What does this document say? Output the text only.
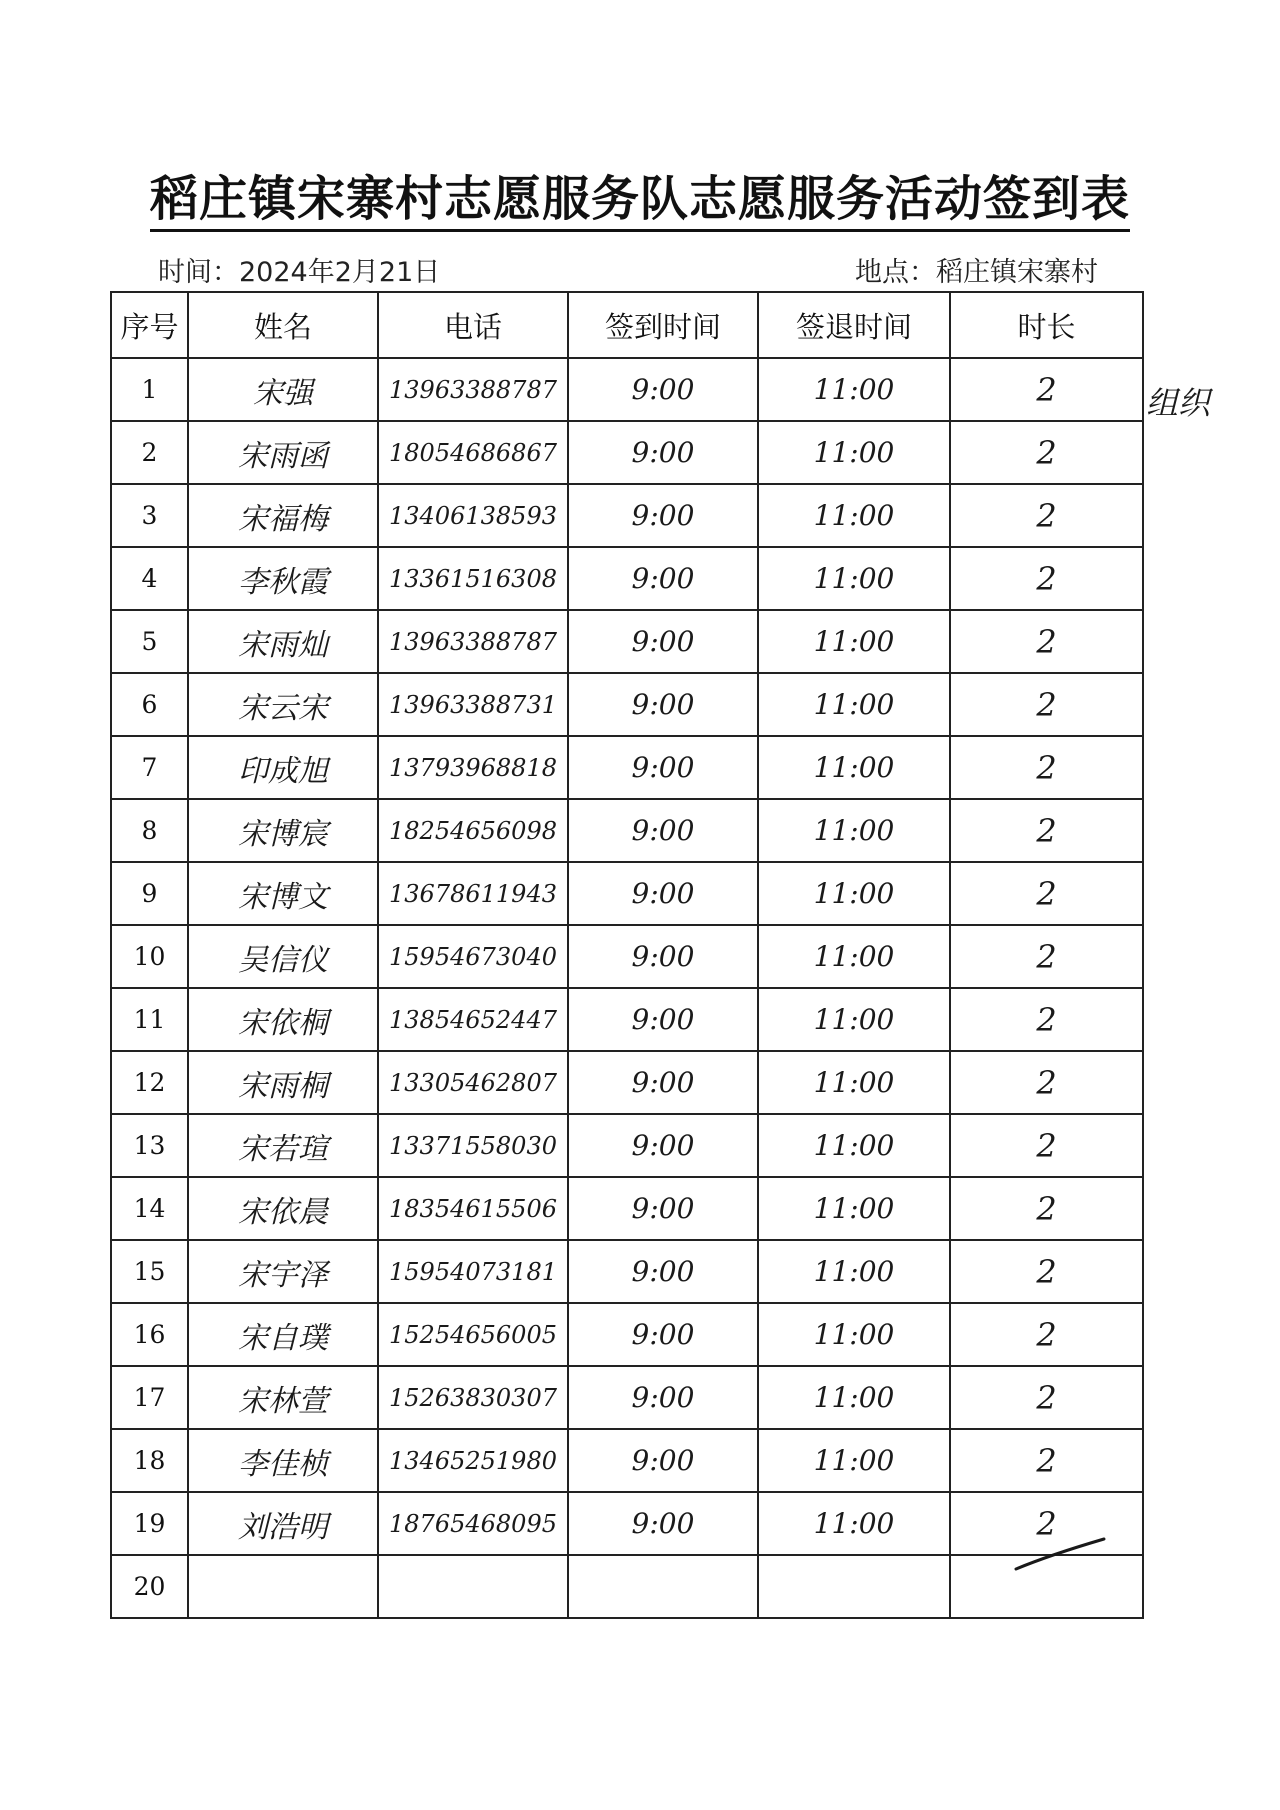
稻庄镇宋寨村志愿服务队志愿服务活动签到表
时间：2024年2月21日	地点：稻庄镇宋寨村
序号	姓名	电话	签到时间	签退时间	时长
1	宋强	13963388787	9:00	11:00	2
2	宋雨函	18054686867	9:00	11:00	2
3	宋福梅	13406138593	9:00	11:00	2
4	李秋霞	13361516308	9:00	11:00	2
5	宋雨灿	13963388787	9:00	11:00	2
6	宋云宋	13963388731	9:00	11:00	2
7	印成旭	13793968818	9:00	11:00	2
8	宋博宸	18254656098	9:00	11:00	2
9	宋博文	13678611943	9:00	11:00	2
10	吴信仪	15954673040	9:00	11:00	2
11	宋依桐	13854652447	9:00	11:00	2
12	宋雨桐	13305462807	9:00	11:00	2
13	宋若瑄	13371558030	9:00	11:00	2
14	宋依晨	18354615506	9:00	11:00	2
15	宋宇泽	15954073181	9:00	11:00	2
16	宋自璞	15254656005	9:00	11:00	2
17	宋林萱	15263830307	9:00	11:00	2
18	李佳桢	13465251980	9:00	11:00	2
19	刘浩明	18765468095	9:00	11:00	2
20					
组织
